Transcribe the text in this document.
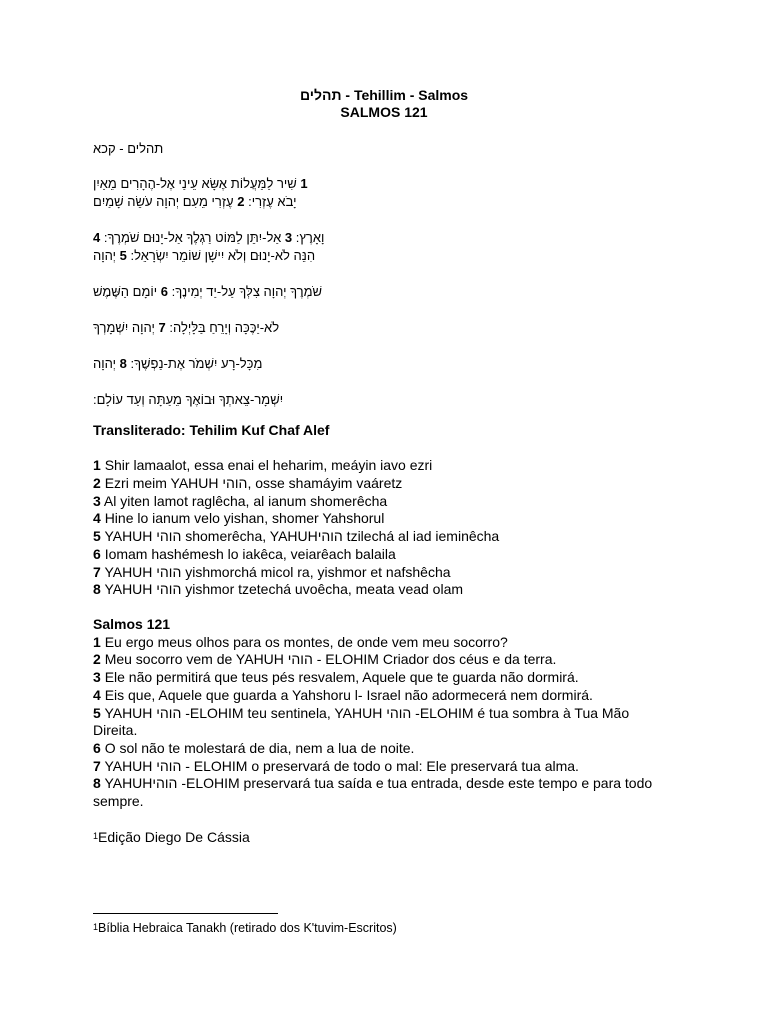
תהלים - Tehillim - Salmos
SALMOS 121
תהלים - קכא
1 שִׁיר לַמַּעֲלוֹת אֶשָּׂא עֵינַי אֶל-הֶהָרִים מֵאַיִן
יָבֹא עֶזְרִי: 2 עֶזְרִי מֵעִם יְהוָה עֹשֵׂה שָׁמַיִם
וָאָרֶץ: 3 אַל-יִתֵּן לַמּוֹט רַגְלֶךָ אַל-יָנוּם שֹׁמְרֶךָ: 4
הִנֵּה לֹא-יָנוּם וְלֹא יִישָׁן שׁוֹמֵר יִשְׂרָאֵל: 5 יְהוָה
שֹׁמְרֶךָ יְהוָה צִלְּךָ עַל-יַד יְמִינֶךָ: 6 יוֹמָם הַשֶּׁמֶשׁ
לֹא-יַכֶּכָּה וְיָרֵחַ בַּלָּיְלָה: 7 יְהוָה יִשְׁמָרְךָ
מִכָּל-רָע יִשְׁמֹר אֶת-נַפְשֶׁךָ: 8 יְהוָה
יִשְׁמָר-צֵאתְךָ וּבוֹאֶךָ מֵעַתָּה וְעַד עוֹלָם:
Transliterado: Tehilim Kuf Chaf Alef
1 Shir lamaalot, essa enai el heharim, meáyin iavo ezri
2 Ezri meim YAHUH הוהי, osse shamáyim vaáretz
3 Al yiten lamot raglêcha, al ianum shomerêcha
4 Hine lo ianum velo yishan, shomer Yahshorul
5 YAHUH הוהי shomerêcha, YAHUHהוהי tzilechá al iad ieminêcha
6 Iomam hashémesh lo iakêca, veiarêach balaila
7 YAHUH הוהי yishmorchá micol ra, yishmor et nafshêcha
8 YAHUH הוהי yishmor tzetechá uvoêcha, meata vead olam
Salmos 121
1 Eu ergo meus olhos para os montes, de onde vem meu socorro?
2 Meu socorro vem de YAHUH הוהי - ELOHIM Criador dos céus e da terra.
3 Ele não permitirá que teus pés resvalem, Aquele que te guarda não dormirá.
4 Eis que, Aquele que guarda a Yahshoru l- Israel não adormecerá nem dormirá.
5 YAHUH הוהי -ELOHIM teu sentinela, YAHUH הוהי -ELOHIM é tua sombra à Tua Mão Direita.
6 O sol não te molestará de dia, nem a lua de noite.
7 YAHUH הוהי - ELOHIM o preservará de todo o mal: Ele preservará tua alma.
8 YAHUHהוהי -ELOHIM preservará tua saída e tua entrada, desde este tempo e para todo sempre.
$^1$Edição Diego De Cássia
$^1$Bíblia Hebraica Tanakh (retirado dos K'tuvim-Escritos)
